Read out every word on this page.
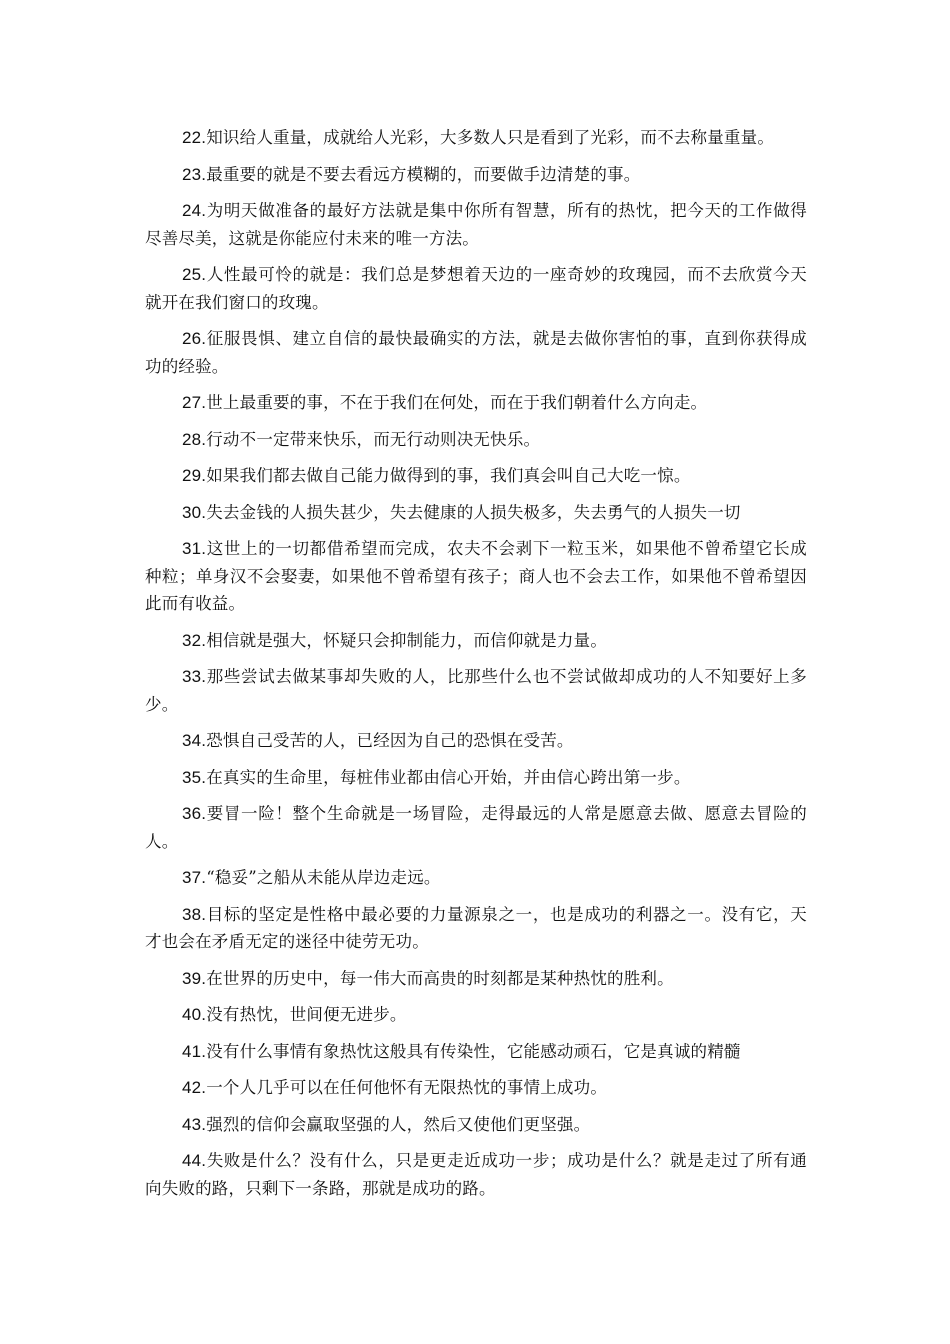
22.知识给人重量，成就给人光彩，大多数人只是看到了光彩，而不去称量重量。

23.最重要的就是不要去看远方模糊的，而要做手边清楚的事。

24.为明天做准备的最好方法就是集中你所有智慧，所有的热忱，把今天的工作做得尽善尽美，这就是你能应付未来的唯一方法。

25.人性最可怜的就是：我们总是梦想着天边的一座奇妙的玫瑰园，而不去欣赏今天就开在我们窗口的玫瑰。

26.征服畏惧、建立自信的最快最确实的方法，就是去做你害怕的事，直到你获得成功的经验。

27.世上最重要的事，不在于我们在何处，而在于我们朝着什么方向走。

28.行动不一定带来快乐，而无行动则决无快乐。

29.如果我们都去做自己能力做得到的事，我们真会叫自己大吃一惊。

30.失去金钱的人损失甚少，失去健康的人损失极多，失去勇气的人损失一切

31.这世上的一切都借希望而完成，农夫不会剥下一粒玉米，如果他不曾希望它长成种粒；单身汉不会娶妻，如果他不曾希望有孩子；商人也不会去工作，如果他不曾希望因此而有收益。

32.相信就是强大，怀疑只会抑制能力，而信仰就是力量。

33.那些尝试去做某事却失败的人，比那些什么也不尝试做却成功的人不知要好上多少。

34.恐惧自己受苦的人，已经因为自己的恐惧在受苦。

35.在真实的生命里，每桩伟业都由信心开始，并由信心跨出第一步。

36.要冒一险！整个生命就是一场冒险，走得最远的人常是愿意去做、愿意去冒险的人。

37.“稳妥”之船从未能从岸边走远。

38.目标的坚定是性格中最必要的力量源泉之一，也是成功的利器之一。没有它，天才也会在矛盾无定的迷径中徒劳无功。

39.在世界的历史中，每一伟大而高贵的时刻都是某种热忱的胜利。

40.没有热忱，世间便无进步。

41.没有什么事情有象热忱这般具有传染性，它能感动顽石，它是真诚的精髓

42.一个人几乎可以在任何他怀有无限热忱的事情上成功。

43.强烈的信仰会赢取坚强的人，然后又使他们更坚强。

44.失败是什么？没有什么，只是更走近成功一步；成功是什么？就是走过了所有通向失败的路，只剩下一条路，那就是成功的路。
